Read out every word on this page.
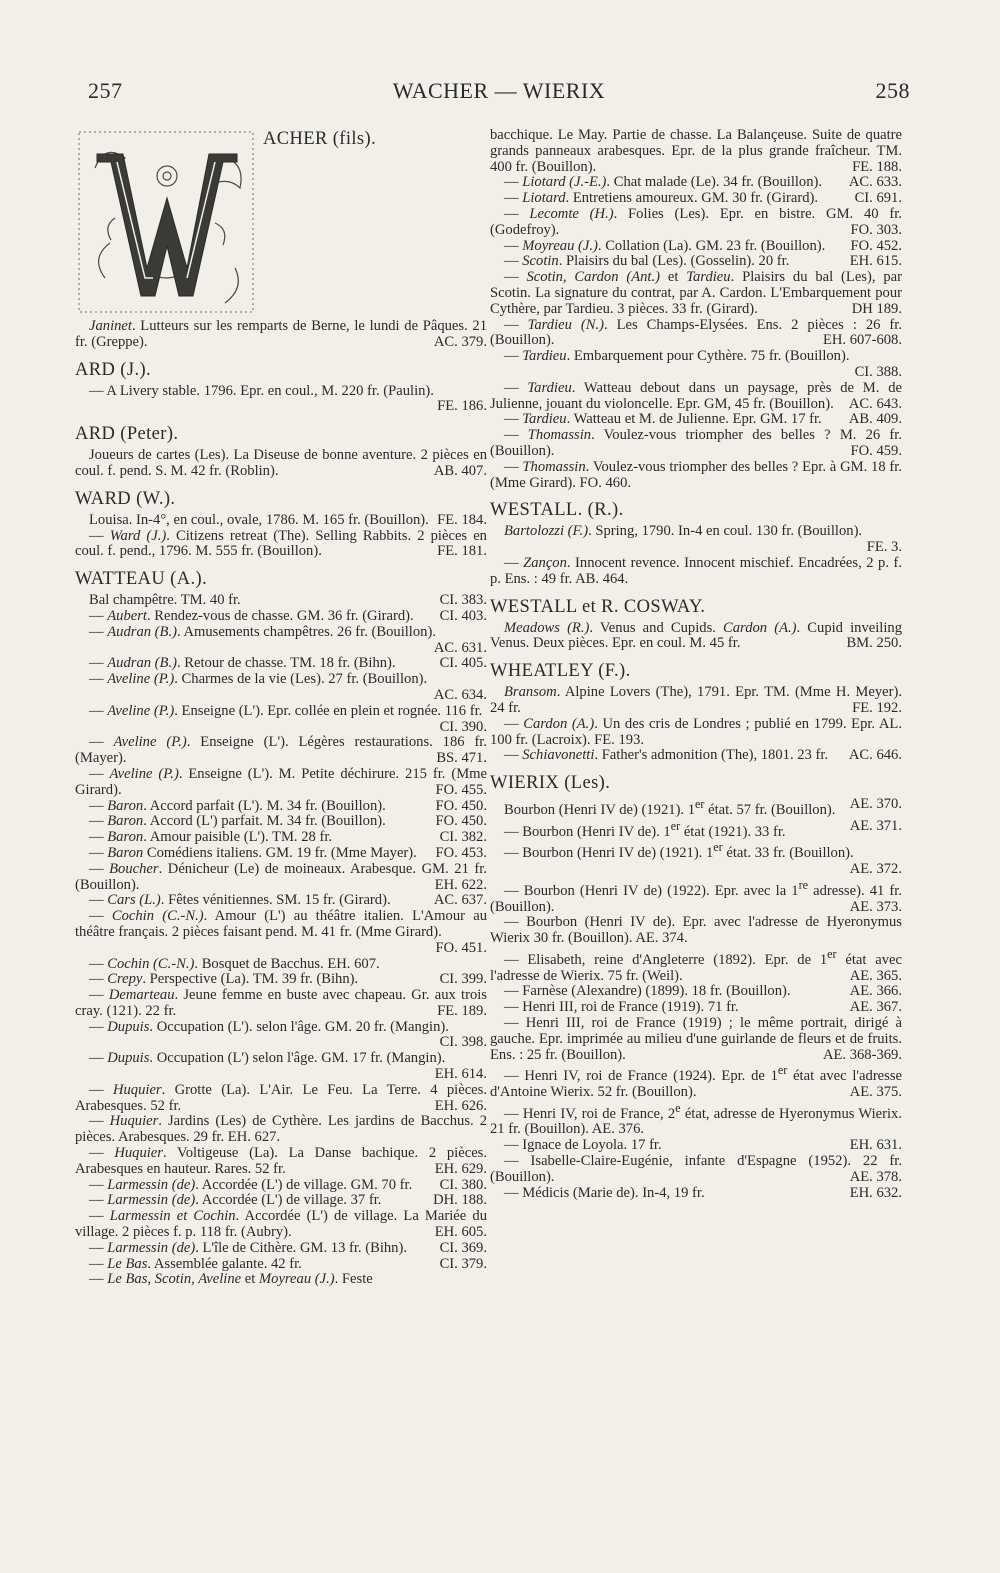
257	WACHER — WIERIX	258

ACHER (fils).

Janinet. Lutteurs sur les remparts de Berne, le lundi de Pâques. 21 fr. (Greppe).	AC. 379.

ARD (J.).

— A Livery stable. 1796. Epr. en coul., M. 220 fr. (Paulin).
FE. 186.

ARD (Peter).

Joueurs de cartes (Les). La Diseuse de bonne aventure. 2 pièces en coul. f. pend. S. M. 42 fr. (Roblin).	AB. 407.

WARD (W.).

Louisa. In-4°, en coul., ovale, 1786. M. 165 fr. (Bouillon). FE. 184.

— Ward (J.). Citizens retreat (The). Selling Rabbits. 2 pièces en coul. f. pend., 1796. M. 555 fr. (Bouillon).	FE. 181.

WATTEAU (A.).

Bal champêtre. TM. 40 fr.	CI. 383.

— Aubert. Rendez-vous de chasse. GM. 36 fr. (Girard). CI. 403.

— Audran (B.). Amusements champêtres. 26 fr. (Bouillon).
AC. 631.

— Audran (B.). Retour de chasse. TM. 18 fr. (Bihn).	CI. 405.

— Aveline (P.). Charmes de la vie (Les). 27 fr. (Bouillon).
AC. 634.

— Aveline (P.). Enseigne (L'). Epr. collée en plein et rognée. 116 fr.
CI. 390.

— Aveline (P.). Enseigne (L'). Légères restaurations. 186 fr. (Mayer).	BS. 471.

— Aveline (P.). Enseigne (L'). M. Petite déchirure. 215 fr. (Mme Girard).	FO. 455.

— Baron. Accord parfait (L'). M. 34 fr. (Bouillon).	FO. 450.

— Baron. Accord (L') parfait. M. 34 fr. (Bouillon).	FO. 450.

— Baron. Amour paisible (L'). TM. 28 fr.	CI. 382.

— Baron Comédiens italiens. GM. 19 fr. (Mme Mayer). FO. 453.

— Boucher. Dénicheur (Le) de moineaux. Arabesque. GM. 21 fr. (Bouillon).	EH. 622.

— Cars (L.). Fêtes vénitiennes. SM. 15 fr. (Girard).	AC. 637.

— Cochin (C.-N.). Amour (L') au théâtre italien. L'Amour au théâtre français. 2 pièces faisant pend. M. 41 fr. (Mme Girard).
FO. 451.

— Cochin (C.-N.). Bosquet de Bacchus. EH. 607.

— Crepy. Perspective (La). TM. 39 fr. (Bihn).	CI. 399.

— Demarteau. Jeune femme en buste avec chapeau. Gr. aux trois cray. (121). 22 fr.	FE. 189.

— Dupuis. Occupation (L'). selon l'âge. GM. 20 fr. (Mangin).
CI. 398.

— Dupuis. Occupation (L') selon l'âge. GM. 17 fr. (Mangin).
EH. 614.

— Huquier. Grotte (La). L'Air. Le Feu. La Terre. 4 pièces. Arabesques. 52 fr.	EH. 626.

— Huquier. Jardins (Les) de Cythère. Les jardins de Bacchus. 2 pièces. Arabesques. 29 fr. EH. 627.

— Huquier. Voltigeuse (La). La Danse bachique. 2 pièces. Arabesques en hauteur. Rares. 52 fr.	EH. 629.

— Larmessin (de). Accordée (L') de village. GM. 70 fr. CI. 380.

— Larmessin (de). Accordée (L') de village. 37 fr.	DH. 188.

— Larmessin et Cochin. Accordée (L') de village. La Mariée du village. 2 pièces f. p. 118 fr. (Aubry).	EH. 605.

— Larmessin (de). L'île de Cithère. GM. 13 fr. (Bihn). CI. 369.

— Le Bas. Assemblée galante. 42 fr.	CI. 379.

— Le Bas, Scotin, Aveline et Moyreau (J.). Feste

bacchique. Le May. Partie de chasse. La Balançeuse. Suite de quatre grands panneaux arabesques. Epr. de la plus grande fraîcheur. TM. 400 fr. (Bouillon).	FE. 188.

— Liotard (J.-E.). Chat malade (Le). 34 fr. (Bouillon). AC. 633.

— Liotard. Entretiens amoureux. GM. 30 fr. (Girard).	CI. 691.

— Lecomte (H.). Folies (Les). Epr. en bistre. GM. 40 fr. (Godefroy).	FO. 303.

— Moyreau (J.). Collation (La). GM. 23 fr. (Bouillon). FO. 452.

— Scotin. Plaisirs du bal (Les). (Gosselin). 20 fr.	EH. 615.

— Scotin, Cardon (Ant.) et Tardieu. Plaisirs du bal (Les), par Scotin. La signature du contrat, par A. Cardon. L'Embarquement pour Cythère, par Tardieu. 3 pièces. 33 fr. (Girard).	DH 189.

— Tardieu (N.). Les Champs-Elysées. Ens. 2 pièces : 26 fr. (Bouillon).	EH. 607-608.

— Tardieu. Embarquement pour Cythère. 75 fr. (Bouillon).
CI. 388.

— Tardieu. Watteau debout dans un paysage, près de M. de Julienne, jouant du violoncelle. Epr. GM, 45 fr. (Bouillon). AC. 643.

— Tardieu. Watteau et M. de Julienne. Epr. GM. 17 fr. AB. 409.

— Thomassin. Voulez-vous triompher des belles ? M. 26 fr. (Bouillon).	FO. 459.

— Thomassin. Voulez-vous triompher des belles ? Epr. à GM. 18 fr. (Mme Girard). FO. 460.

WESTALL. (R.).

Bartolozzi (F.). Spring, 1790. In-4 en coul. 130 fr. (Bouillon).
FE. 3.

— Zançon. Innocent revence. Innocent mischief. Encadrées, 2 p. f. p. Ens. : 49 fr. AB. 464.

WESTALL et R. COSWAY.

Meadows (R.). Venus and Cupids. Cardon (A.). Cupid inveiling Venus. Deux pièces. Epr. en coul. M. 45 fr.	BM. 250.

WHEATLEY (F.).

Bransom. Alpine Lovers (The), 1791. Epr. TM. (Mme H. Meyer). 24 fr.	FE. 192.

— Cardon (A.). Un des cris de Londres ; publié en 1799. Epr. AL. 100 fr. (Lacroix). FE. 193.

— Schiavonetti. Father's admonition (The), 1801. 23 fr. AC. 646.

WIERIX (Les).

Bourbon (Henri IV de) (1921). 1er état. 57 fr. (Bouillon). AE. 370.

— Bourbon (Henri IV de). 1er état (1921). 33 fr.	AE. 371.

— Bourbon (Henri IV de) (1921). 1er état. 33 fr. (Bouillon).
AE. 372.

— Bourbon (Henri IV de) (1922). Epr. avec la 1re adresse). 41 fr. (Bouillon).	AE. 373.

— Bourbon (Henri IV de). Epr. avec l'adresse de Hyeronymus Wierix 30 fr. (Bouillon). AE. 374.

— Elisabeth, reine d'Angleterre (1892). Epr. de 1er état avec l'adresse de Wierix. 75 fr. (Weil).	AE. 365.

— Farnèse (Alexandre) (1899). 18 fr. (Bouillon).	AE. 366.

— Henri III, roi de France (1919). 71 fr.	AE. 367.

— Henri III, roi de France (1919) ; le même portrait, dirigé à gauche. Epr. imprimée au milieu d'une guirlande de fleurs et de fruits. Ens. : 25 fr. (Bouillon).	AE. 368-369.

— Henri IV, roi de France (1924). Epr. de 1er état avec l'adresse d'Antoine Wierix. 52 fr. (Bouillon).	AE. 375.

— Henri IV, roi de France, 2e état, adresse de Hyeronymus Wierix. 21 fr. (Bouillon). AE. 376.

— Ignace de Loyola. 17 fr.	EH. 631.

— Isabelle-Claire-Eugénie, infante d'Espagne (1952). 22 fr. (Bouillon).	AE. 378.

— Médicis (Marie de). In-4, 19 fr.	EH. 632.
